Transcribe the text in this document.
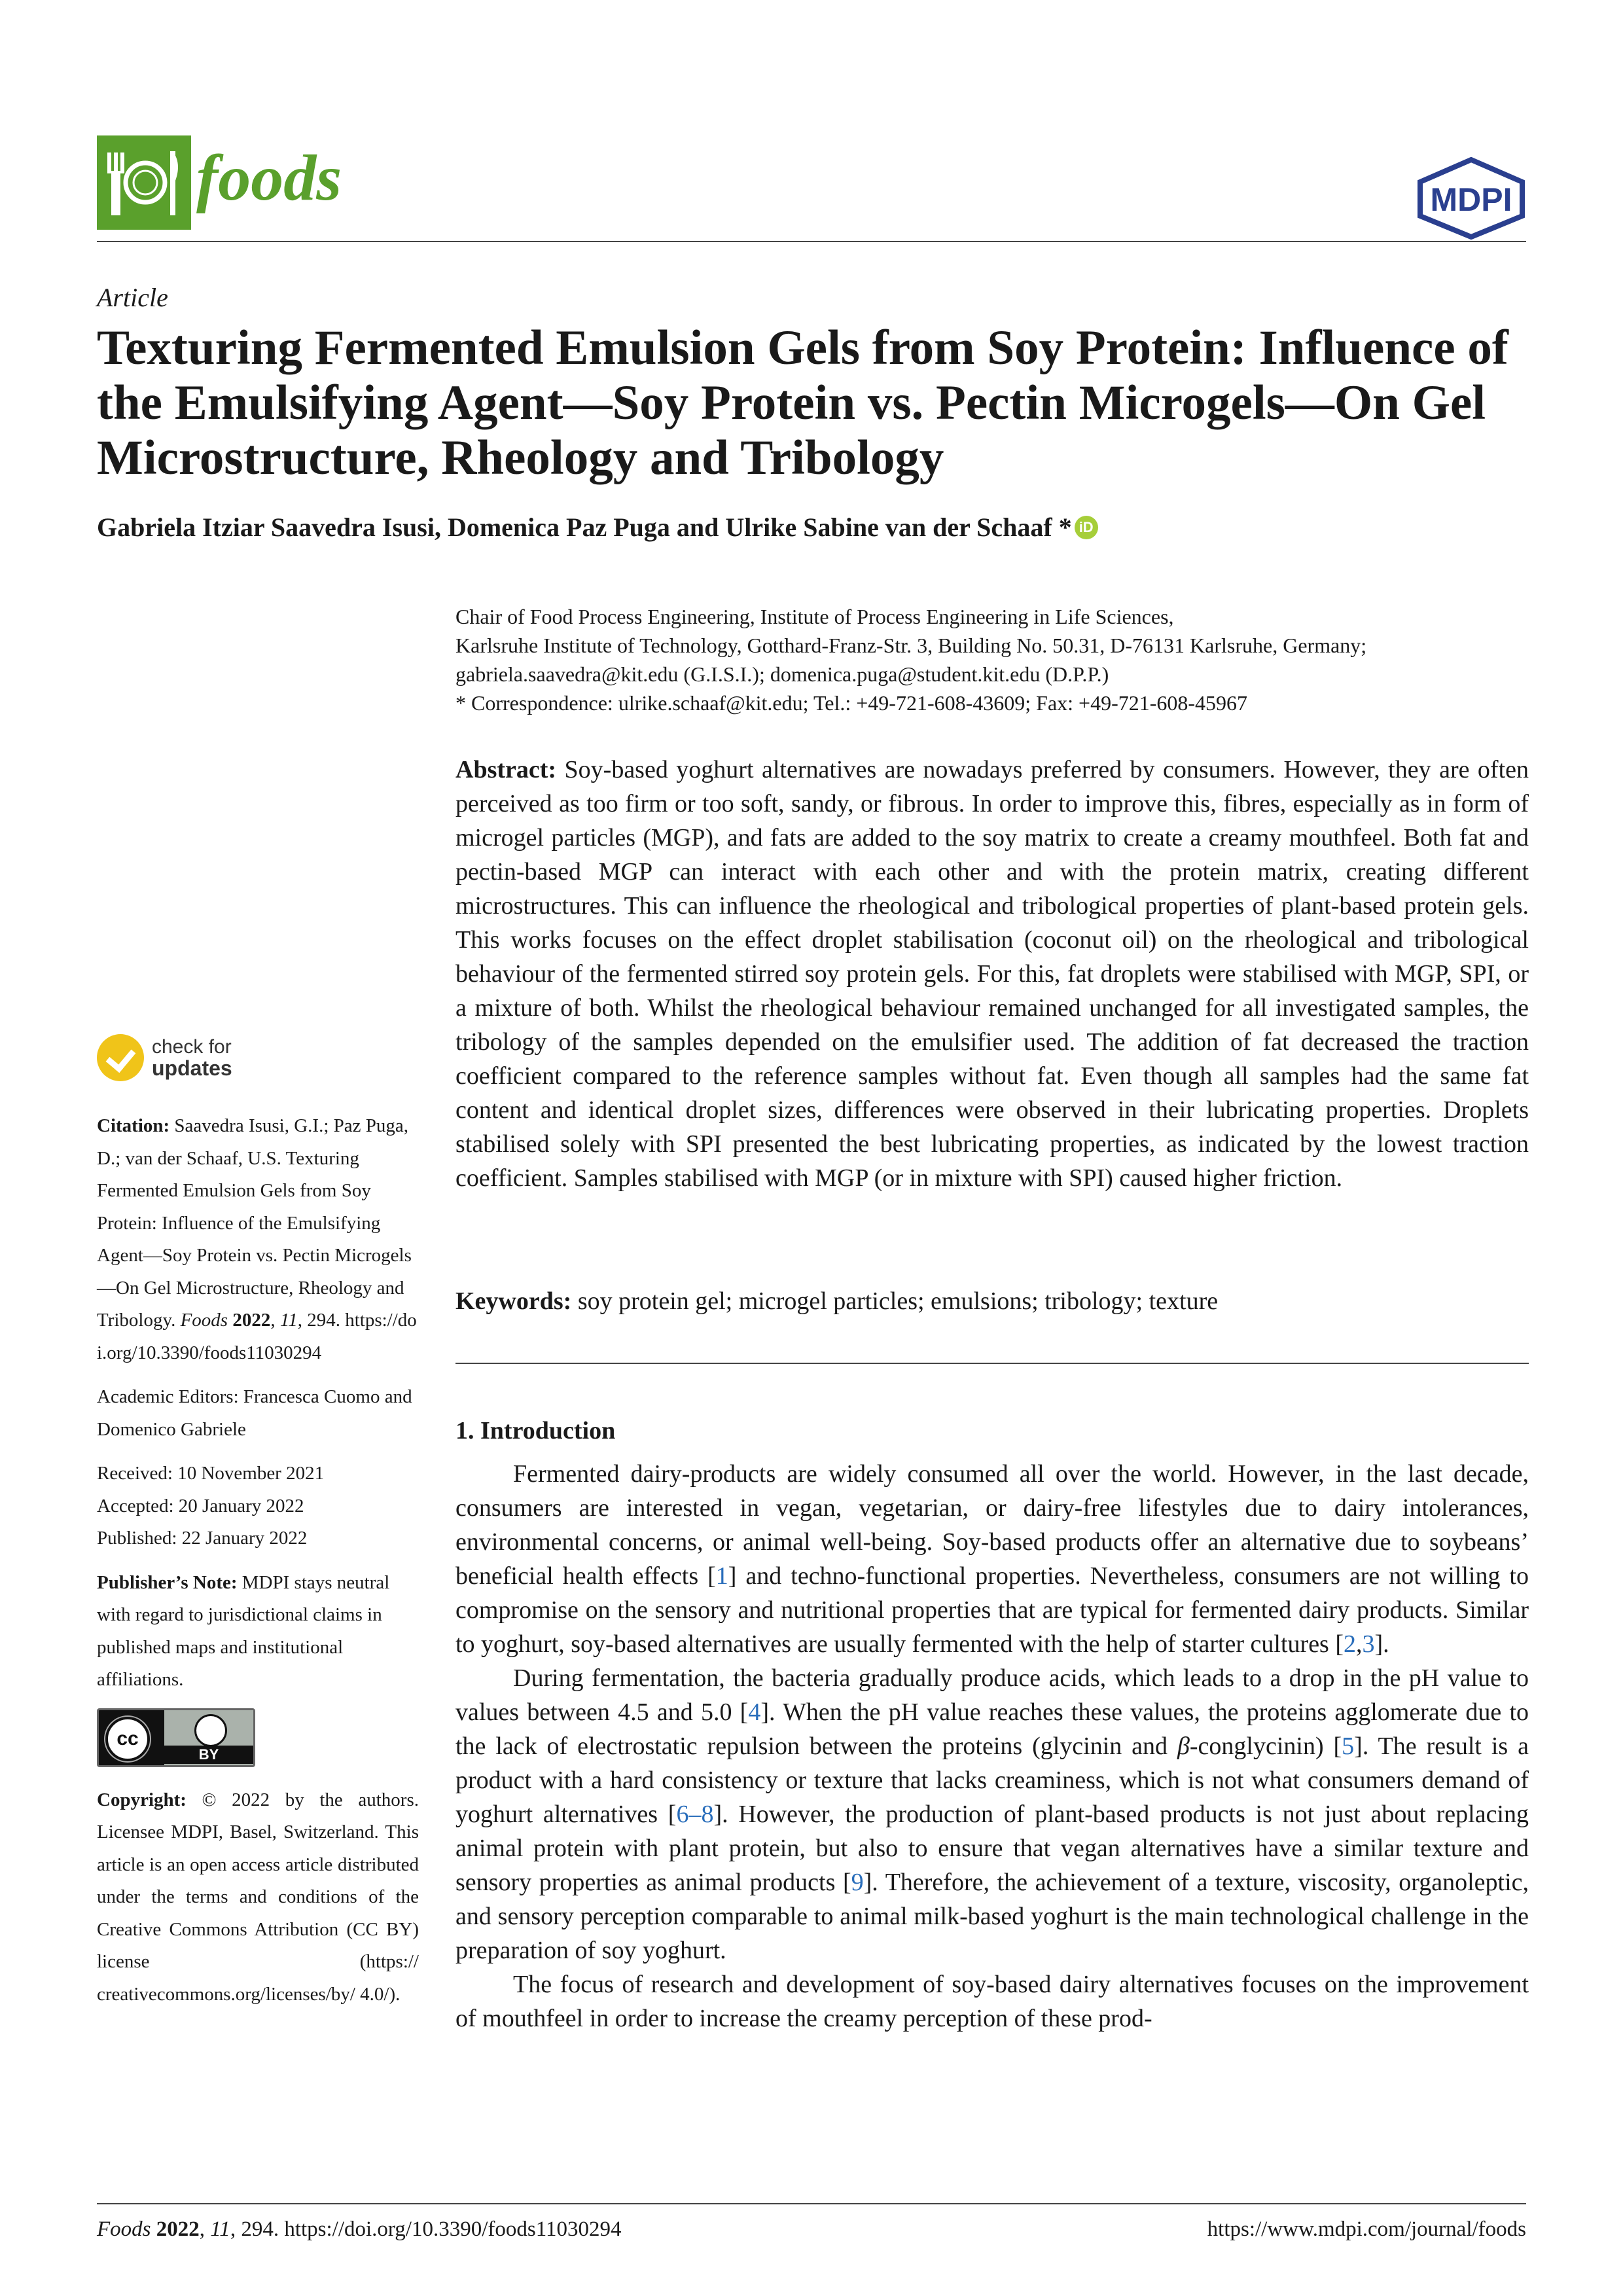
foods	MDPI
Article
Texturing Fermented Emulsion Gels from Soy Protein: Influence of the Emulsifying Agent—Soy Protein vs. Pectin Microgels—On Gel Microstructure, Rheology and Tribology
Gabriela Itziar Saavedra Isusi, Domenica Paz Puga and Ulrike Sabine van der Schaaf * iD
Chair of Food Process Engineering, Institute of Process Engineering in Life Sciences,
Karlsruhe Institute of Technology, Gotthard-Franz-Str. 3, Building No. 50.31, D-76131 Karlsruhe, Germany;
gabriela.saavedra@kit.edu (G.I.S.I.); domenica.puga@student.kit.edu (D.P.P.)
* Correspondence: ulrike.schaaf@kit.edu; Tel.: +49-721-608-43609; Fax: +49-721-608-45967
Abstract: Soy-based yoghurt alternatives are nowadays preferred by consumers. However, they are often perceived as too firm or too soft, sandy, or fibrous. In order to improve this, fibres, especially as in form of microgel particles (MGP), and fats are added to the soy matrix to create a creamy mouthfeel. Both fat and pectin-based MGP can interact with each other and with the protein matrix, creating different microstructures. This can influence the rheological and tribological properties of plant-based protein gels. This works focuses on the effect droplet stabilisation (coconut oil) on the rheological and tribological behaviour of the fermented stirred soy protein gels. For this, fat droplets were stabilised with MGP, SPI, or a mixture of both. Whilst the rheological behaviour remained unchanged for all investigated samples, the tribology of the samples depended on the emulsifier used. The addition of fat decreased the traction coefficient compared to the reference samples without fat. Even though all samples had the same fat content and identical droplet sizes, differences were observed in their lubricating properties. Droplets stabilised solely with SPI presented the best lubricating properties, as indicated by the lowest traction coefficient. Samples stabilised with MGP (or in mixture with SPI) caused higher friction.
Keywords: soy protein gel; microgel particles; emulsions; tribology; texture
1. Introduction

Fermented dairy-products are widely consumed all over the world. However, in the last decade, consumers are interested in vegan, vegetarian, or dairy-free lifestyles due to dairy intolerances, environmental concerns, or animal well-being. Soy-based products offer an alternative due to soybeans’ beneficial health effects [1] and techno-functional properties. Nevertheless, consumers are not willing to compromise on the sensory and nutritional properties that are typical for fermented dairy products. Similar to yoghurt, soy-based alternatives are usually fermented with the help of starter cultures [2,3].

During fermentation, the bacteria gradually produce acids, which leads to a drop in the pH value to values between 4.5 and 5.0 [4]. When the pH value reaches these values, the proteins agglomerate due to the lack of electrostatic repulsion between the proteins (glycinin and β-conglycinin) [5]. The result is a product with a hard consistency or texture that lacks creaminess, which is not what consumers demand of yoghurt alternatives [6–8]. However, the production of plant-based products is not just about replacing animal protein with plant protein, but also to ensure that vegan alternatives have a similar texture and sensory properties as animal products [9]. Therefore, the achievement of a texture, viscosity, organoleptic, and sensory perception comparable to animal milk-based yoghurt is the main technological challenge in the preparation of soy yoghurt.

The focus of research and development of soy-based dairy alternatives focuses on the improvement of mouthfeel in order to increase the creamy perception of these prod-

check for
updates

Citation: Saavedra Isusi, G.I.; Paz Puga, D.; van der Schaaf, U.S. Texturing Fermented Emulsion Gels from Soy Protein: Influence of the Emulsifying Agent—Soy Protein vs. Pectin Microgels—On Gel Microstructure, Rheology and Tribology. Foods 2022, 11, 294. https://doi.org/10.3390/foods11030294

Academic Editors: Francesca Cuomo and Domenico Gabriele

Received: 10 November 2021
Accepted: 20 January 2022
Published: 22 January 2022

Publisher’s Note: MDPI stays neutral with regard to jurisdictional claims in published maps and institutional affiliations.

cc
BY

Copyright: © 2022 by the authors. Licensee MDPI, Basel, Switzerland. This article is an open access article distributed under the terms and conditions of the Creative Commons Attribution (CC BY) license (https:// creativecommons.org/licenses/by/ 4.0/).

Foods 2022, 11, 294. https://doi.org/10.3390/foods11030294	https://www.mdpi.com/journal/foods
